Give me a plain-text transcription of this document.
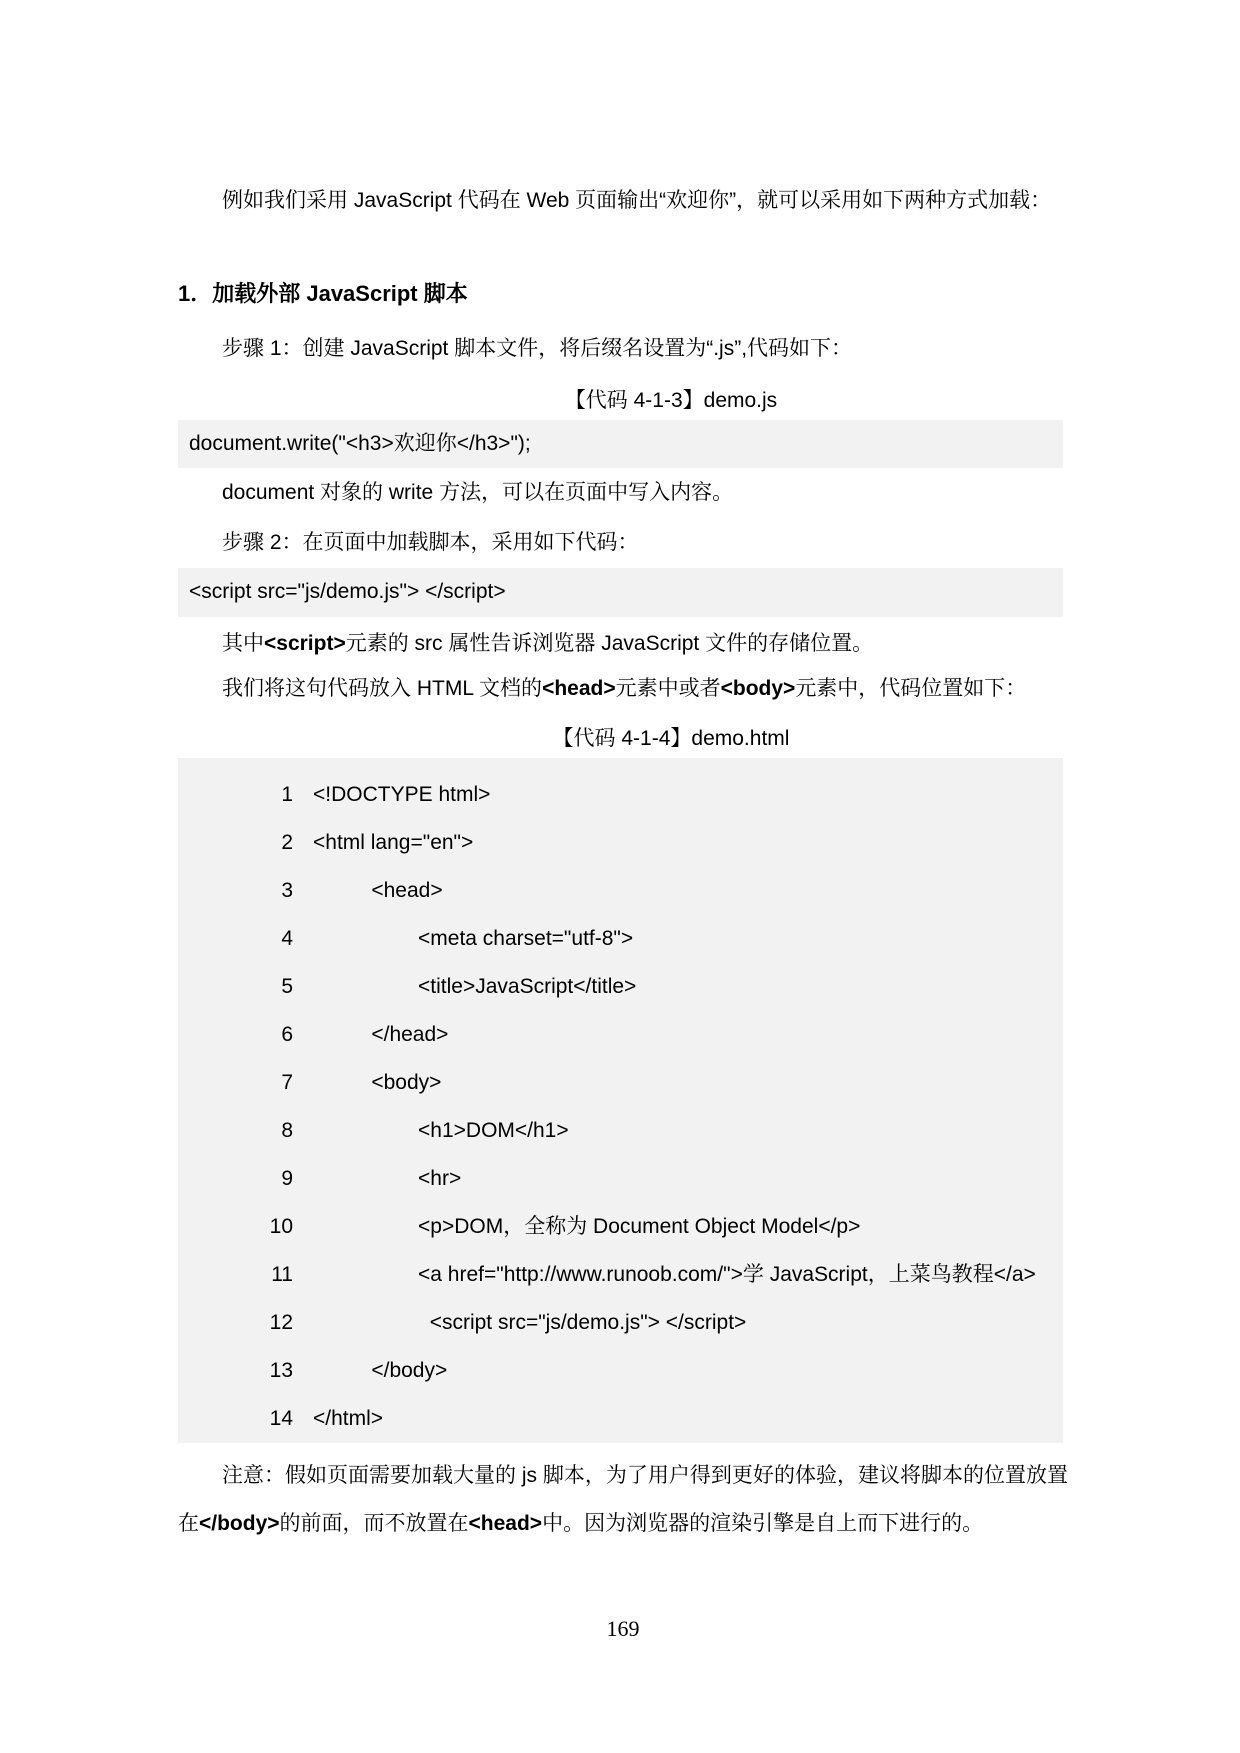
例如我们采用 JavaScript 代码在 Web 页面输出“欢迎你”，就可以采用如下两种方式加载：
1．加载外部 JavaScript 脚本
步骤 1：创建 JavaScript 脚本文件，将后缀名设置为“.js”,代码如下：
【代码 4-1-3】demo.js
document.write("<h3>欢迎你</h3>");
document 对象的 write 方法，可以在页面中写入内容。
步骤 2：在页面中加载脚本，采用如下代码：
<script src="js/demo.js"> </script>
其中<script>元素的 src 属性告诉浏览器 JavaScript 文件的存储位置。
我们将这句代码放入 HTML 文档的<head>元素中或者<body>元素中，代码位置如下：
【代码 4-1-4】demo.html
1 <!DOCTYPE html>
2 <html lang="en">
3 <head>
4 <meta charset="utf-8">
5 <title>JavaScript</title>
6 </head>
7 <body>
8 <h1>DOM</h1>
9 <hr>
10 <p>DOM，全称为 Document Object Model</p>
11 <a href="http://www.runoob.com/">学 JavaScript，上菜鸟教程</a>
12 <script src="js/demo.js"> </script>
13 </body>
14 </html>
注意：假如页面需要加载大量的 js 脚本，为了用户得到更好的体验，建议将脚本的位置放置在</body>的前面，而不放置在<head>中。因为浏览器的渲染引擎是自上而下进行的。
169
